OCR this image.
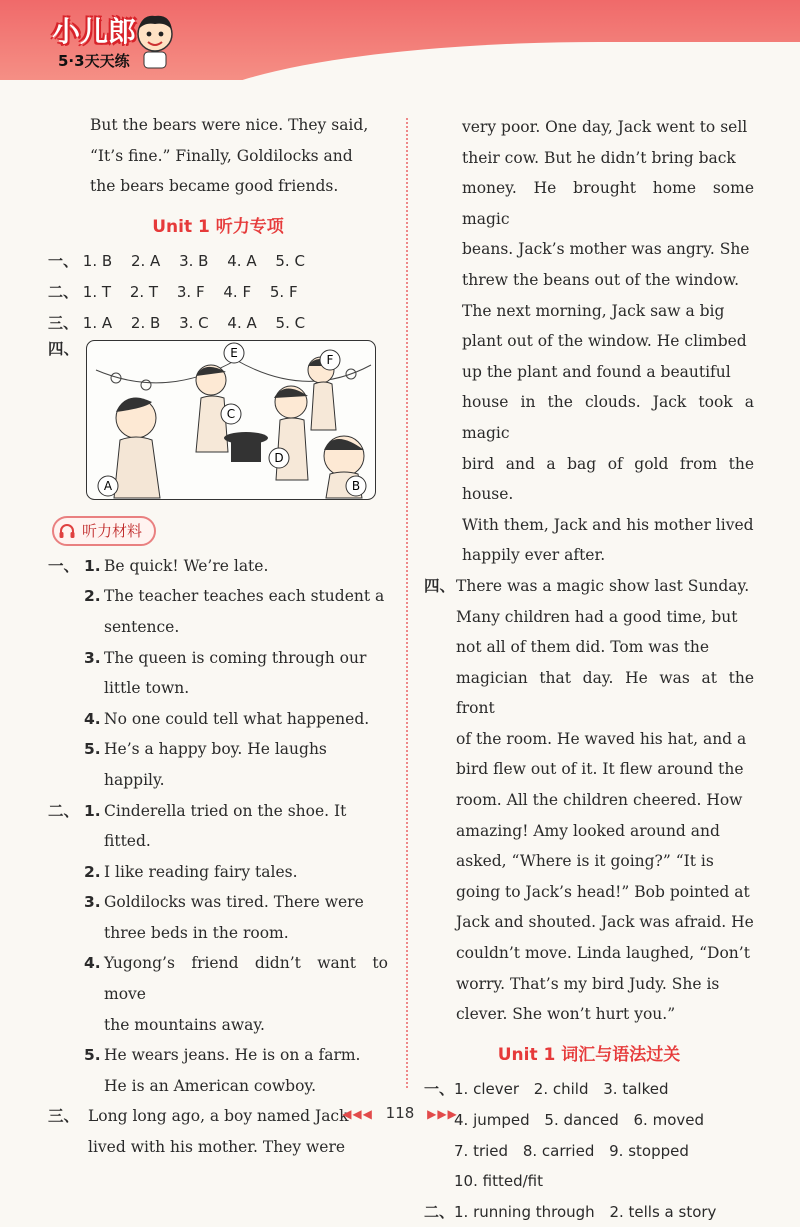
小儿郎
5·3天天练
But the bears were nice. They said,
“It’s fine.” Finally, Goldilocks and
the bears became good friends.
Unit 1 听力专项
一、 1. B 2. A 3. B 4. A 5. C
二、 1. T 2. T 3. F 4. F 5. F
三、 1. A 2. B 3. C 4. A 5. C
四、
A	B
C
D
E	F
听力材料
一、 1. Be quick! We’re late.
2. The teacher teaches each student a
sentence.
3. The queen is coming through our
little town.
4. No one could tell what happened.
5. He’s a happy boy. He laughs happily.
二、 1. Cinderella tried on the shoe. It fitted.
2. I like reading fairy tales.
3. Goldilocks was tired. There were
three beds in the room.
4. Yugong’s friend didn’t want to move
the mountains away.
5. He wears jeans. He is on a farm.
He is an American cowboy.
三、 Long long ago, a boy named Jack
lived with his mother. They were
very poor. One day, Jack went to sell
their cow. But he didn’t bring back
money. He brought home some magic
beans. Jack’s mother was angry. She
threw the beans out of the window.
The next morning, Jack saw a big
plant out of the window. He climbed
up the plant and found a beautiful
house in the clouds. Jack took a magic
bird and a bag of gold from the house.
With them, Jack and his mother lived
happily ever after.
四、 There was a magic show last Sunday.
Many children had a good time, but
not all of them did. Tom was the
magician that day. He was at the front
of the room. He waved his hat, and a
bird flew out of it. It flew around the
room. All the children cheered. How
amazing! Amy looked around and
asked, “Where is it going?” “It is
going to Jack’s head!” Bob pointed at
Jack and shouted. Jack was afraid. He
couldn’t move. Linda laughed, “Don’t
worry. That’s my bird Judy. She is
clever. She won’t hurt you.”
Unit 1 词汇与语法过关
一、 1. clever 2. child 3. talked
4. jumped 5. danced 6. moved
7. tried 8. carried 9. stopped
10. fitted/fit
二、 1. running through 2. tells a story
◀◀◀ 118 ▶▶▶
